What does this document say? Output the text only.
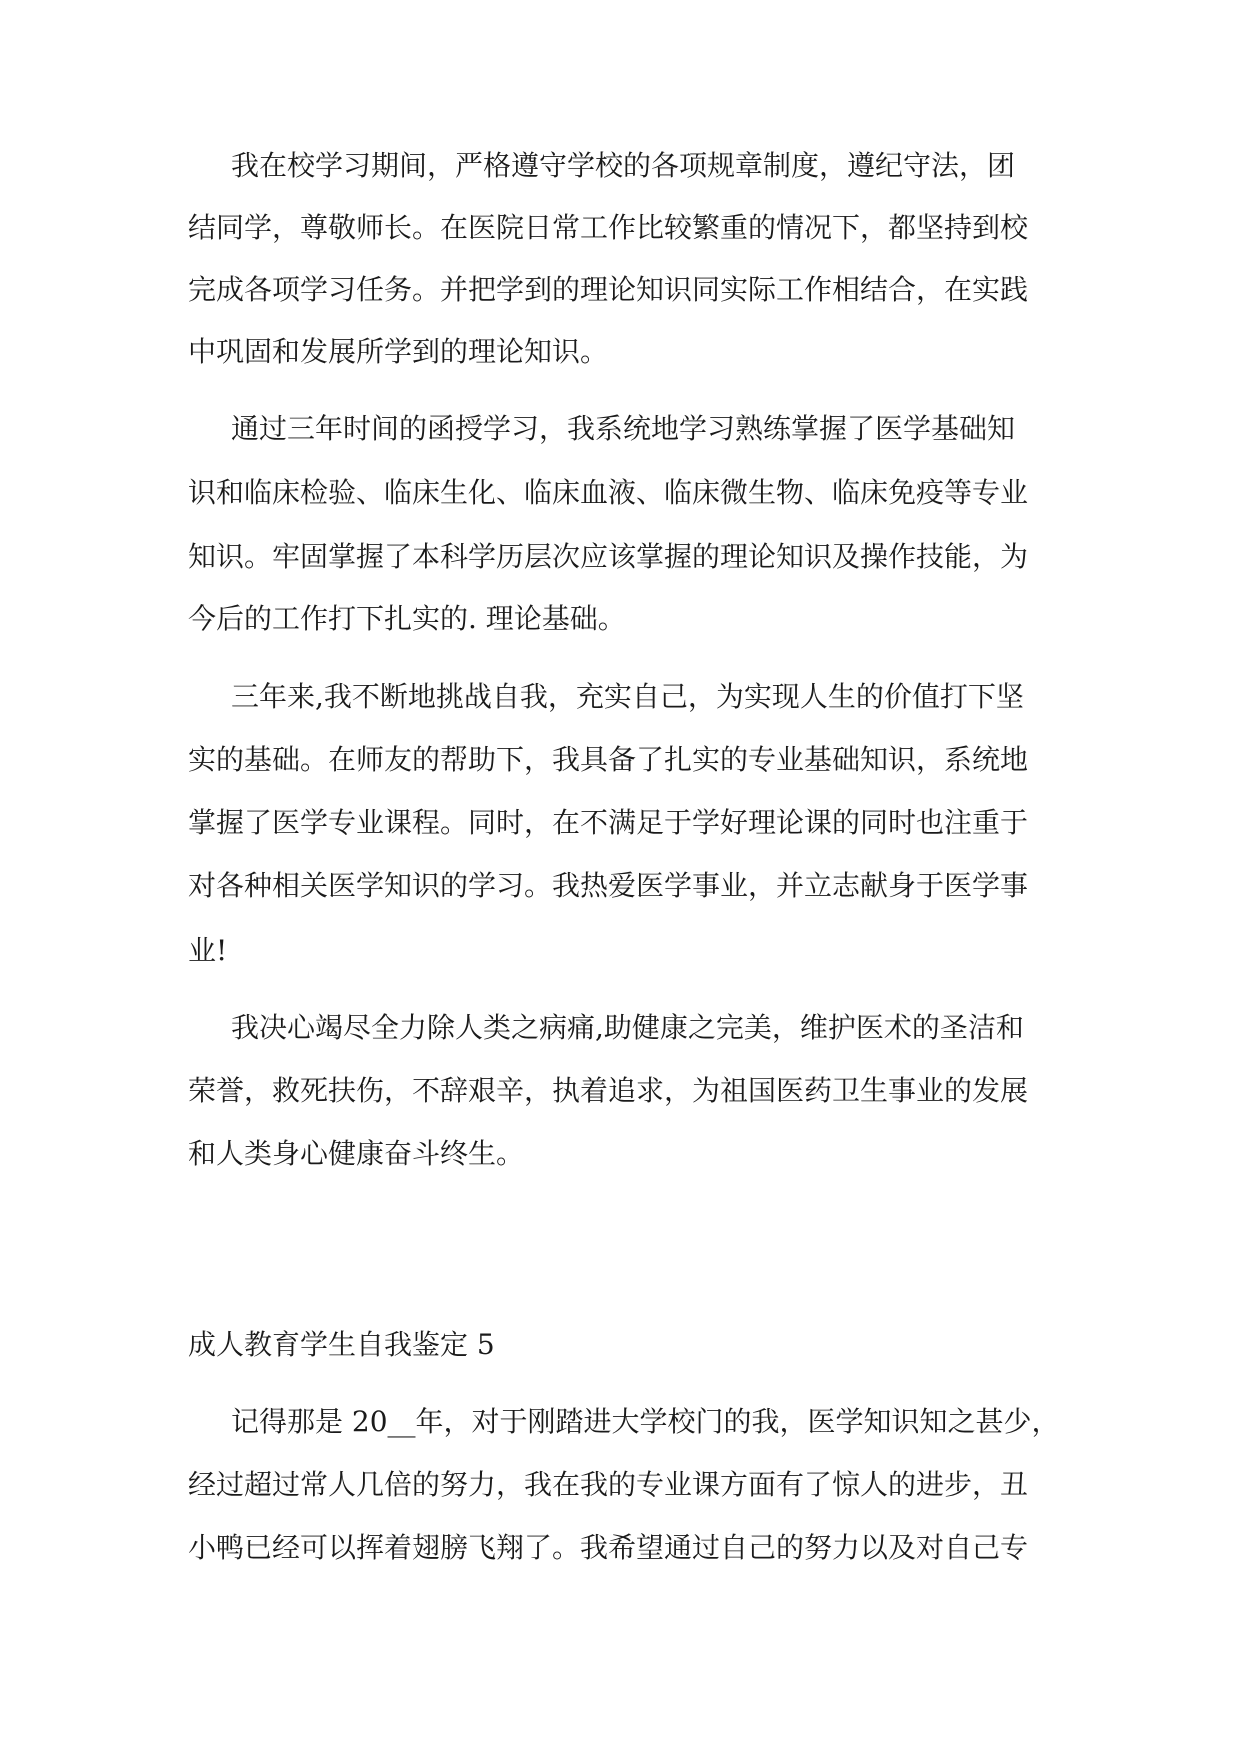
我在校学习期间，严格遵守学校的各项规章制度，遵纪守法，团

结同学，尊敬师长。在医院日常工作比较繁重的情况下，都坚持到校

完成各项学习任务。并把学到的理论知识同实际工作相结合，在实践

中巩固和发展所学到的理论知识。

通过三年时间的函授学习，我系统地学习熟练掌握了医学基础知

识和临床检验、临床生化、临床血液、临床微生物、临床免疫等专业

知识。牢固掌握了本科学历层次应该掌握的理论知识及操作技能，为

今后的工作打下扎实的. 理论基础。

三年来,我不断地挑战自我，充实自己，为实现人生的价值打下坚

实的基础。在师友的帮助下，我具备了扎实的专业基础知识，系统地

掌握了医学专业课程。同时，在不满足于学好理论课的同时也注重于

对各种相关医学知识的学习。我热爱医学事业，并立志献身于医学事

业!

我决心竭尽全力除人类之病痛,助健康之完美，维护医术的圣洁和

荣誉，救死扶伤，不辞艰辛，执着追求，为祖国医药卫生事业的发展

和人类身心健康奋斗终生。

成人教育学生自我鉴定 5

记得那是 20__年，对于刚踏进大学校门的我，医学知识知之甚少，

经过超过常人几倍的努力，我在我的专业课方面有了惊人的进步，丑

小鸭已经可以挥着翅膀飞翔了。我希望通过自己的努力以及对自己专
